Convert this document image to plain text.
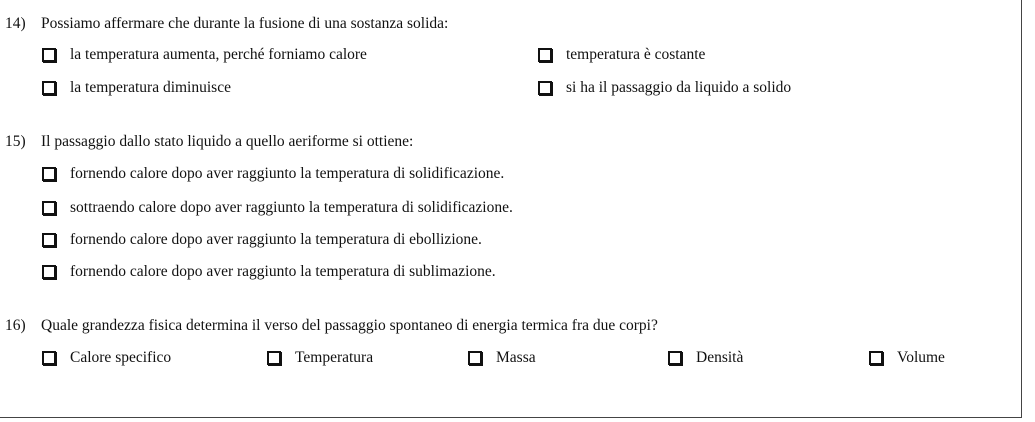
14) Possiamo affermare che durante la fusione di una sostanza solida:
la temperatura aumenta, perché forniamo calore	temperatura è costante
la temperatura diminuisce	si ha il passaggio da liquido a solido
15) Il passaggio dallo stato liquido a quello aeriforme si ottiene:
fornendo calore dopo aver raggiunto la temperatura di solidificazione.
sottraendo calore dopo aver raggiunto la temperatura di solidificazione.
fornendo calore dopo aver raggiunto la temperatura di ebollizione.
fornendo calore dopo aver raggiunto la temperatura di sublimazione.
16) Quale grandezza fisica determina il verso del passaggio spontaneo di energia termica fra due corpi?
Calore specifico	Temperatura	Massa	Densità	Volume
